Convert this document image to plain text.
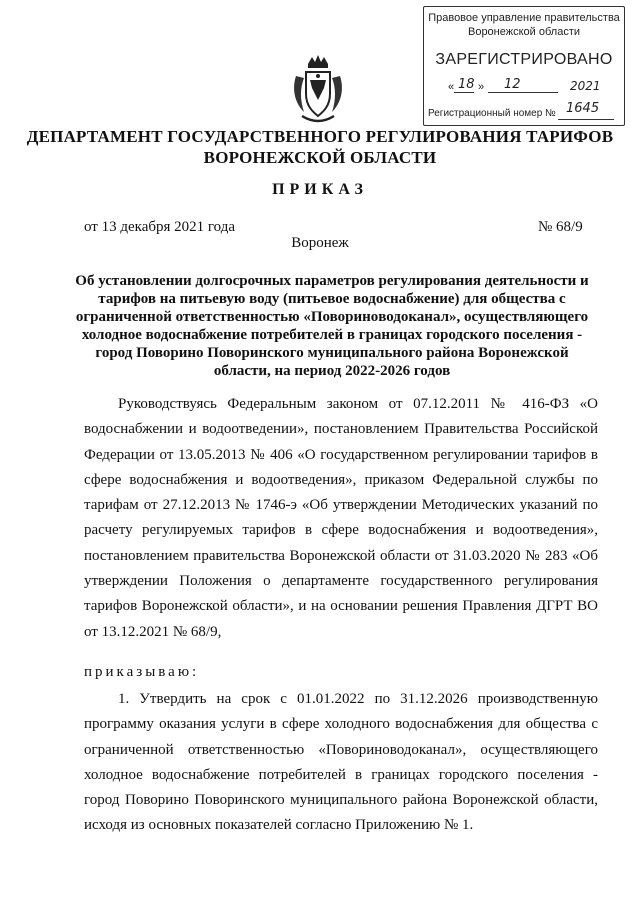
Правовое управление правительства
Воронежской области
ЗАРЕГИСТРИРОВАНО
« 18 » 12	2021
Регистрационный номер № 1645
ДЕПАРТАМЕНТ ГОСУДАРСТВЕННОГО РЕГУЛИРОВАНИЯ ТАРИФОВ ВОРОНЕЖСКОЙ ОБЛАСТИ
ПРИКАЗ
от 13 декабря 2021 года	№ 68/9
Воронеж
Об установлении долгосрочных параметров регулирования деятельности и тарифов на питьевую воду (питьевое водоснабжение) для общества с ограниченной ответственностью «Поворинoводоканал», осуществляющего холодное водоснабжение потребителей в границах городского поселения - город Поворино Поворинского муниципального района Воронежской области, на период 2022-2026 годов
Руководствуясь Федеральным законом от 07.12.2011 № 416-ФЗ «О водоснабжении и водоотведении», постановлением Правительства Российской Федерации от 13.05.2013 № 406 «О государственном регулировании тарифов в сфере водоснабжения и водоотведения», приказом Федеральной службы по тарифам от 27.12.2013 № 1746-э «Об утверждении Методических указаний по расчету регулируемых тарифов в сфере водоснабжения и водоотведения», постановлением правительства Воронежской области от 31.03.2020 № 283 «Об утверждении Положения о департаменте государственного регулирования тарифов Воронежской области», и на основании решения Правления ДГРТ ВО от 13.12.2021 № 68/9,
приказываю:
1. Утвердить на срок с 01.01.2022 по 31.12.2026 производственную программу оказания услуги в сфере холодного водоснабжения для общества с ограниченной ответственностью «Поворинoводоканал», осуществляющего холодное водоснабжение потребителей в границах городского поселения - город Поворино Поворинского муниципального района Воронежской области, исходя из основных показателей согласно Приложению № 1.
